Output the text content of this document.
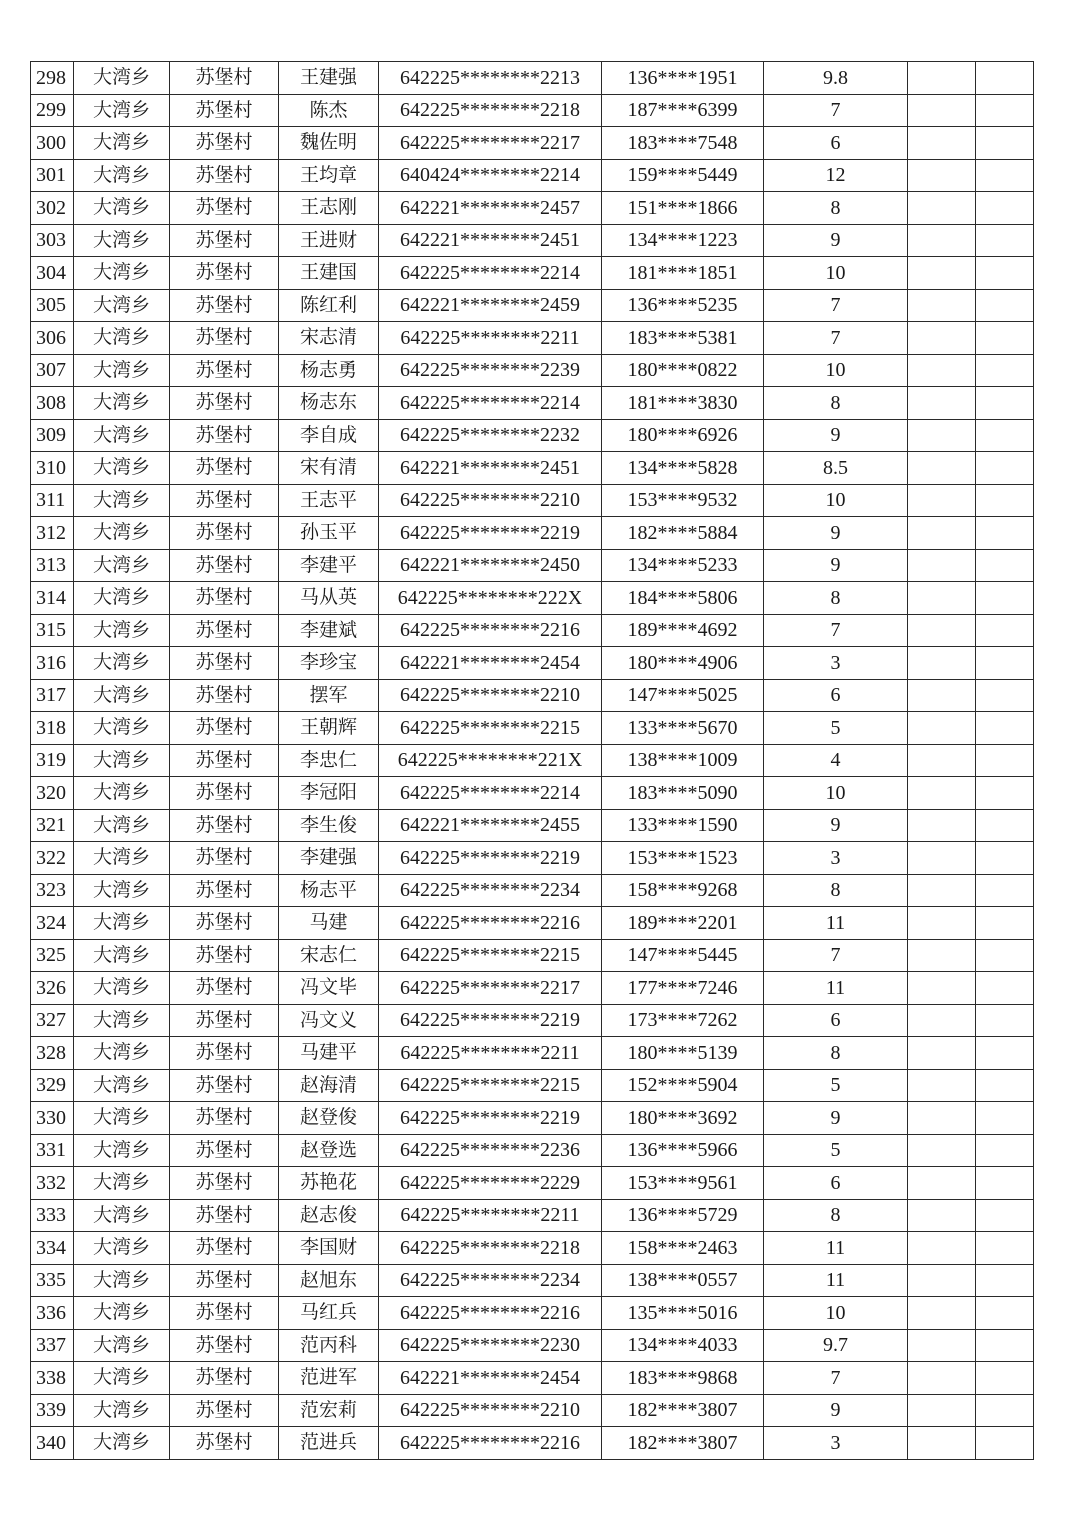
298	大湾乡	苏堡村	王建强	642225********2213	136****1951	9.8		
299	大湾乡	苏堡村	陈杰	642225********2218	187****6399	7		
300	大湾乡	苏堡村	魏佐明	642225********2217	183****7548	6		
301	大湾乡	苏堡村	王均章	640424********2214	159****5449	12		
302	大湾乡	苏堡村	王志刚	642221********2457	151****1866	8		
303	大湾乡	苏堡村	王进财	642221********2451	134****1223	9		
304	大湾乡	苏堡村	王建国	642225********2214	181****1851	10		
305	大湾乡	苏堡村	陈红利	642221********2459	136****5235	7		
306	大湾乡	苏堡村	宋志清	642225********2211	183****5381	7		
307	大湾乡	苏堡村	杨志勇	642225********2239	180****0822	10		
308	大湾乡	苏堡村	杨志东	642225********2214	181****3830	8		
309	大湾乡	苏堡村	李自成	642225********2232	180****6926	9		
310	大湾乡	苏堡村	宋有清	642221********2451	134****5828	8.5		
311	大湾乡	苏堡村	王志平	642225********2210	153****9532	10		
312	大湾乡	苏堡村	孙玉平	642225********2219	182****5884	9		
313	大湾乡	苏堡村	李建平	642221********2450	134****5233	9		
314	大湾乡	苏堡村	马从英	642225********222X	184****5806	8		
315	大湾乡	苏堡村	李建斌	642225********2216	189****4692	7		
316	大湾乡	苏堡村	李珍宝	642221********2454	180****4906	3		
317	大湾乡	苏堡村	摆军	642225********2210	147****5025	6		
318	大湾乡	苏堡村	王朝辉	642225********2215	133****5670	5		
319	大湾乡	苏堡村	李忠仁	642225********221X	138****1009	4		
320	大湾乡	苏堡村	李冠阳	642225********2214	183****5090	10		
321	大湾乡	苏堡村	李生俊	642221********2455	133****1590	9		
322	大湾乡	苏堡村	李建强	642225********2219	153****1523	3		
323	大湾乡	苏堡村	杨志平	642225********2234	158****9268	8		
324	大湾乡	苏堡村	马建	642225********2216	189****2201	11		
325	大湾乡	苏堡村	宋志仁	642225********2215	147****5445	7		
326	大湾乡	苏堡村	冯文毕	642225********2217	177****7246	11		
327	大湾乡	苏堡村	冯文义	642225********2219	173****7262	6		
328	大湾乡	苏堡村	马建平	642225********2211	180****5139	8		
329	大湾乡	苏堡村	赵海清	642225********2215	152****5904	5		
330	大湾乡	苏堡村	赵登俊	642225********2219	180****3692	9		
331	大湾乡	苏堡村	赵登选	642225********2236	136****5966	5		
332	大湾乡	苏堡村	苏艳花	642225********2229	153****9561	6		
333	大湾乡	苏堡村	赵志俊	642225********2211	136****5729	8		
334	大湾乡	苏堡村	李国财	642225********2218	158****2463	11		
335	大湾乡	苏堡村	赵旭东	642225********2234	138****0557	11		
336	大湾乡	苏堡村	马红兵	642225********2216	135****5016	10		
337	大湾乡	苏堡村	范丙科	642225********2230	134****4033	9.7		
338	大湾乡	苏堡村	范进军	642221********2454	183****9868	7		
339	大湾乡	苏堡村	范宏莉	642225********2210	182****3807	9		
340	大湾乡	苏堡村	范进兵	642225********2216	182****3807	3		
